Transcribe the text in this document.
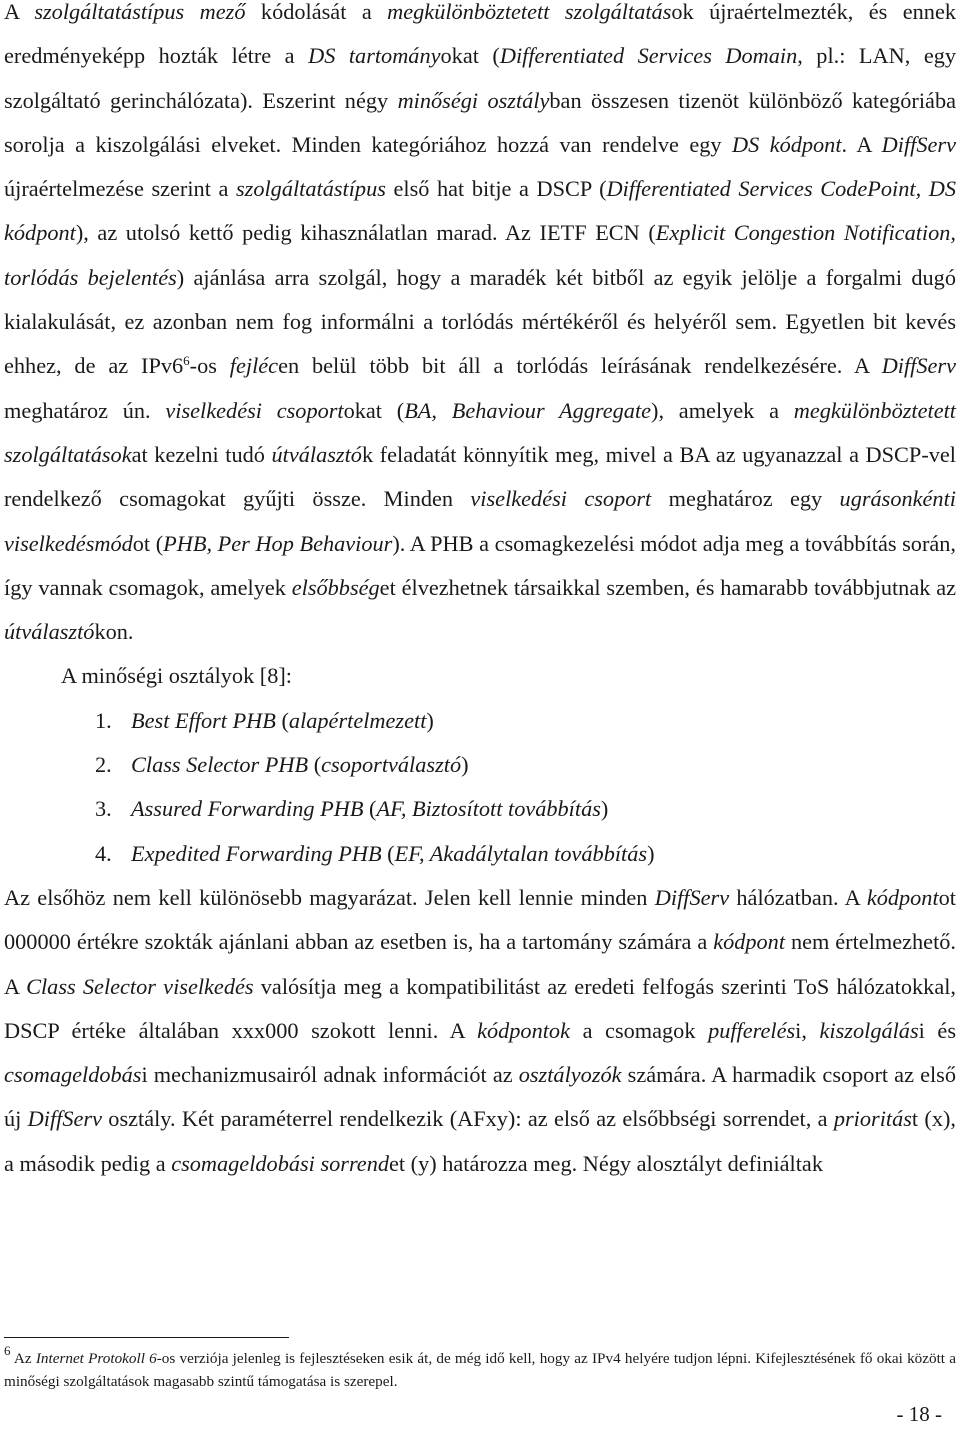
A szolgáltatástípus mező kódolását a megkülönböztetett szolgáltatások újraértelmezték, és ennek eredményeképp hozták létre a DS tartományokat (Differentiated Services Domain, pl.: LAN, egy szolgáltató gerinchálózata). Eszerint négy minőségi osztályban összesen tizenöt különböző kategóriába sorolja a kiszolgálási elveket. Minden kategóriához hozzá van rendelve egy DS kódpont. A DiffServ újraértelmezése szerint a szolgáltatástípus első hat bitje a DSCP (Differentiated Services CodePoint, DS kódpont), az utolsó kettő pedig kihasználatlan marad. Az IETF ECN (Explicit Congestion Notification, torlódás bejelentés) ajánlása arra szolgál, hogy a maradék két bitből az egyik jelölje a forgalmi dugó kialakulását, ez azonban nem fog informálni a torlódás mértékéről és helyéről sem. Egyetlen bit kevés ehhez, de az $IPv6^6-os$ fejlécen belül több bit áll a torlódás leírásának rendelkezésére. A DiffServ meghatároz ún. viselkedési csoportokat (BA, Behaviour Aggregate), amelyek a megkülönböztetett szolgáltatásokat kezelni tudó útválasztók feladatát könnyítik meg, mivel a BA az ugyanazzal a DSCP-vel rendelkező csomagokat gyűjti össze. Minden viselkedési csoport meghatároz egy ugrásonkénti viselkedésmódot (PHB, Per Hop Behaviour). A PHB a csomagkezelési módot adja meg a továbbítás során, így vannak csomagok, amelyek elsőbbséget élvezhetnek társaikkal szemben, és hamarabb továbbjutnak az útválasztókon.

A minőségi osztályok [8]:

1. Best Effort PHB (alapértelmezett)
2. Class Selector PHB (csoportválasztó)
3. Assured Forwarding PHB (AF, Biztosított továbbítás)
4. Expedited Forwarding PHB (EF, Akadálytalan továbbítás)

Az elsőhöz nem kell különösebb magyarázat. Jelen kell lennie minden DiffServ hálózatban. A kódpontot 000000 értékre szokták ajánlani abban az esetben is, ha a tartomány számára a kódpont nem értelmezhető. A Class Selector viselkedés valósítja meg a kompatibilitást az eredeti felfogás szerinti ToS hálózatokkal, DSCP értéke általában xxx000 szokott lenni. A kódpontok a csomagok pufferelési, kiszolgálási és csomageldobási mechanizmusairól adnak információt az osztályozók számára. A harmadik csoport az első új DiffServ osztály. Két paraméterrel rendelkezik (AFxy): az első az elsőbbségi sorrendet, a prioritást (x), a második pedig a csomageldobási sorrendet (y) határozza meg. Négy alosztályt definiáltak

$^6$ Az Internet Protokoll 6-os verziója jelenleg is fejlesztéseken esik át, de még idő kell, hogy az IPv4 helyére tudjon lépni. Kifejlesztésének fő okai között a minőségi szolgáltatások magasabb szintű támogatása is szerepel.

- 18 -
